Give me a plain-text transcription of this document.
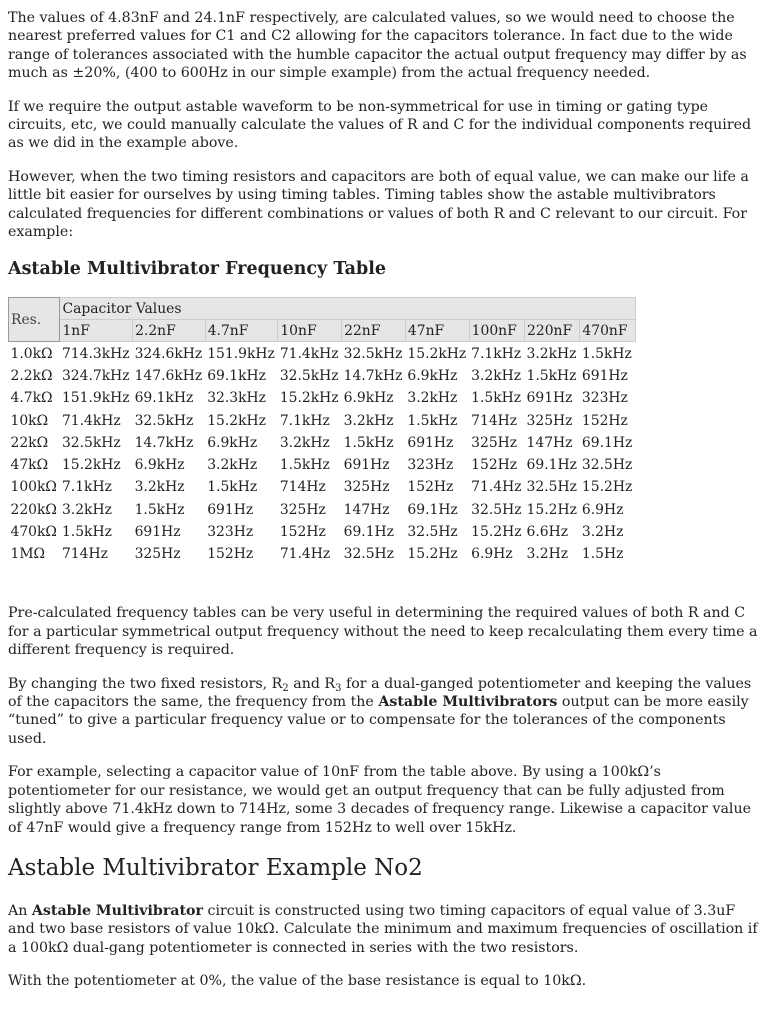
The values of 4.83nF and 24.1nF respectively, are calculated values, so we would need to choose the nearest preferred values for C1 and C2 allowing for the capacitors tolerance. In fact due to the wide range of tolerances associated with the humble capacitor the actual output frequency may differ by as much as ±20%, (400 to 600Hz in our simple example) from the actual frequency needed.

If we require the output astable waveform to be non-symmetrical for use in timing or gating type circuits, etc, we could manually calculate the values of R and C for the individual components required as we did in the example above.

However, when the two timing resistors and capacitors are both of equal value, we can make our life a little bit easier for ourselves by using timing tables. Timing tables show the astable multivibrators calculated frequencies for different combinations or values of both R and C relevant to our circuit. For example:

Astable Multivibrator Frequency Table
Res.	Capacitor Values								
	1nF	2.2nF	4.7nF	10nF	22nF	47nF	100nF	220nF	470nF
1.0kΩ	714.3kHz	324.6kHz	151.9kHz	71.4kHz	32.5kHz	15.2kHz	7.1kHz	3.2kHz	1.5kHz
2.2kΩ	324.7kHz	147.6kHz	69.1kHz	32.5kHz	14.7kHz	6.9kHz	3.2kHz	1.5kHz	691Hz
4.7kΩ	151.9kHz	69.1kHz	32.3kHz	15.2kHz	6.9kHz	3.2kHz	1.5kHz	691Hz	323Hz
10kΩ	71.4kHz	32.5kHz	15.2kHz	7.1kHz	3.2kHz	1.5kHz	714Hz	325Hz	152Hz
22kΩ	32.5kHz	14.7kHz	6.9kHz	3.2kHz	1.5kHz	691Hz	325Hz	147Hz	69.1Hz
47kΩ	15.2kHz	6.9kHz	3.2kHz	1.5kHz	691Hz	323Hz	152Hz	69.1Hz	32.5Hz
100kΩ	7.1kHz	3.2kHz	1.5kHz	714Hz	325Hz	152Hz	71.4Hz	32.5Hz	15.2Hz
220kΩ	3.2kHz	1.5kHz	691Hz	325Hz	147Hz	69.1Hz	32.5Hz	15.2Hz	6.9Hz
470kΩ	1.5kHz	691Hz	323Hz	152Hz	69.1Hz	32.5Hz	15.2Hz	6.6Hz	3.2Hz
1MΩ	714Hz	325Hz	152Hz	71.4Hz	32.5Hz	15.2Hz	6.9Hz	3.2Hz	1.5Hz

Pre-calculated frequency tables can be very useful in determining the required values of both R and C for a particular symmetrical output frequency without the need to keep recalculating them every time a different frequency is required.

By changing the two fixed resistors, $R_2$ and $R_3$ for a dual-ganged potentiometer and keeping the values of the capacitors the same, the frequency from the Astable Multivibrators output can be more easily “tuned” to give a particular frequency value or to compensate for the tolerances of the components used.

For example, selecting a capacitor value of 10nF from the table above. By using a 100kΩ’s potentiometer for our resistance, we would get an output frequency that can be fully adjusted from slightly above 71.4kHz down to 714Hz, some 3 decades of frequency range. Likewise a capacitor value of 47nF would give a frequency range from 152Hz to well over 15kHz.

Astable Multivibrator Example No2

An Astable Multivibrator circuit is constructed using two timing capacitors of equal value of 3.3uF and two base resistors of value 10kΩ. Calculate the minimum and maximum frequencies of oscillation if a 100kΩ dual-gang potentiometer is connected in series with the two resistors.

With the potentiometer at 0%, the value of the base resistance is equal to 10kΩ.
